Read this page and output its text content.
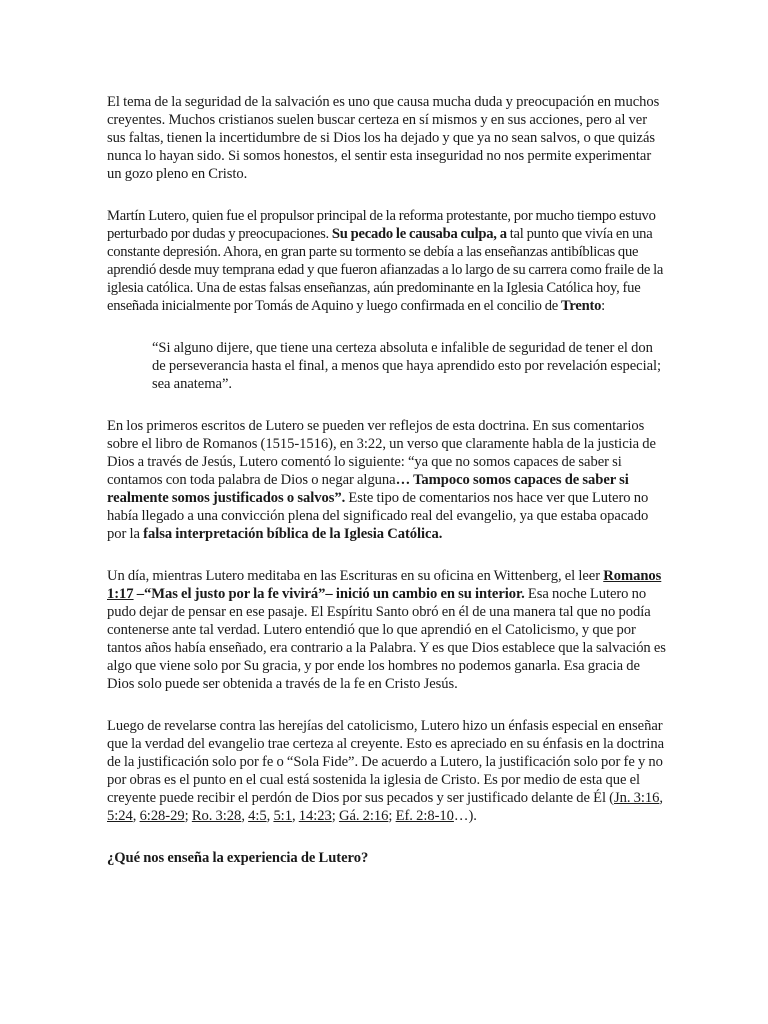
El tema de la seguridad de la salvación es uno que causa mucha duda y preocupación en muchos creyentes. Muchos cristianos suelen buscar certeza en sí mismos y en sus acciones, pero al ver sus faltas, tienen la incertidumbre de si Dios los ha dejado y que ya no sean salvos, o que quizás nunca lo hayan sido. Si somos honestos, el sentir esta inseguridad no nos permite experimentar un gozo pleno en Cristo.

Martín Lutero, quien fue el propulsor principal de la reforma protestante, por mucho tiempo estuvo perturbado por dudas y preocupaciones. Su pecado le causaba culpa, a tal punto que vivía en una constante depresión. Ahora, en gran parte su tormento se debía a las enseñanzas antibíblicas que aprendió desde muy temprana edad y que fueron afianzadas a lo largo de su carrera como fraile de la iglesia católica. Una de estas falsas enseñanzas, aún predominante en la Iglesia Católica hoy, fue enseñada inicialmente por Tomás de Aquino y luego confirmada en el concilio de Trento:

“Si alguno dijere, que tiene una certeza absoluta e infalible de seguridad de tener el don de perseverancia hasta el final, a menos que haya aprendido esto por revelación especial; sea anatema”.

En los primeros escritos de Lutero se pueden ver reflejos de esta doctrina. En sus comentarios sobre el libro de Romanos (1515-1516), en 3:22, un verso que claramente habla de la justicia de Dios a través de Jesús, Lutero comentó lo siguiente: “ya que no somos capaces de saber si contamos con toda palabra de Dios o negar alguna… Tampoco somos capaces de saber si realmente somos justificados o salvos”. Este tipo de comentarios nos hace ver que Lutero no había llegado a una convicción plena del significado real del evangelio, ya que estaba opacado por la falsa interpretación bíblica de la Iglesia Católica.

Un día, mientras Lutero meditaba en las Escrituras en su oficina en Wittenberg, el leer Romanos 1:17 –“Mas el justo por la fe vivirá”– inició un cambio en su interior. Esa noche Lutero no pudo dejar de pensar en ese pasaje. El Espíritu Santo obró en él de una manera tal que no podía contenerse ante tal verdad. Lutero entendió que lo que aprendió en el Catolicismo, y que por tantos años había enseñado, era contrario a la Palabra. Y es que Dios establece que la salvación es algo que viene solo por Su gracia, y por ende los hombres no podemos ganarla. Esa gracia de Dios solo puede ser obtenida a través de la fe en Cristo Jesús.

Luego de revelarse contra las herejías del catolicismo, Lutero hizo un énfasis especial en enseñar que la verdad del evangelio trae certeza al creyente. Esto es apreciado en su énfasis en la doctrina de la justificación solo por fe o “Sola Fide”. De acuerdo a Lutero, la justificación solo por fe y no por obras es el punto en el cual está sostenida la iglesia de Cristo. Es por medio de esta que el creyente puede recibir el perdón de Dios por sus pecados y ser justificado delante de Él (Jn. 3:16, 5:24, 6:28-29; Ro. 3:28, 4:5, 5:1, 14:23; Gá. 2:16; Ef. 2:8-10…).

¿Qué nos enseña la experiencia de Lutero?
